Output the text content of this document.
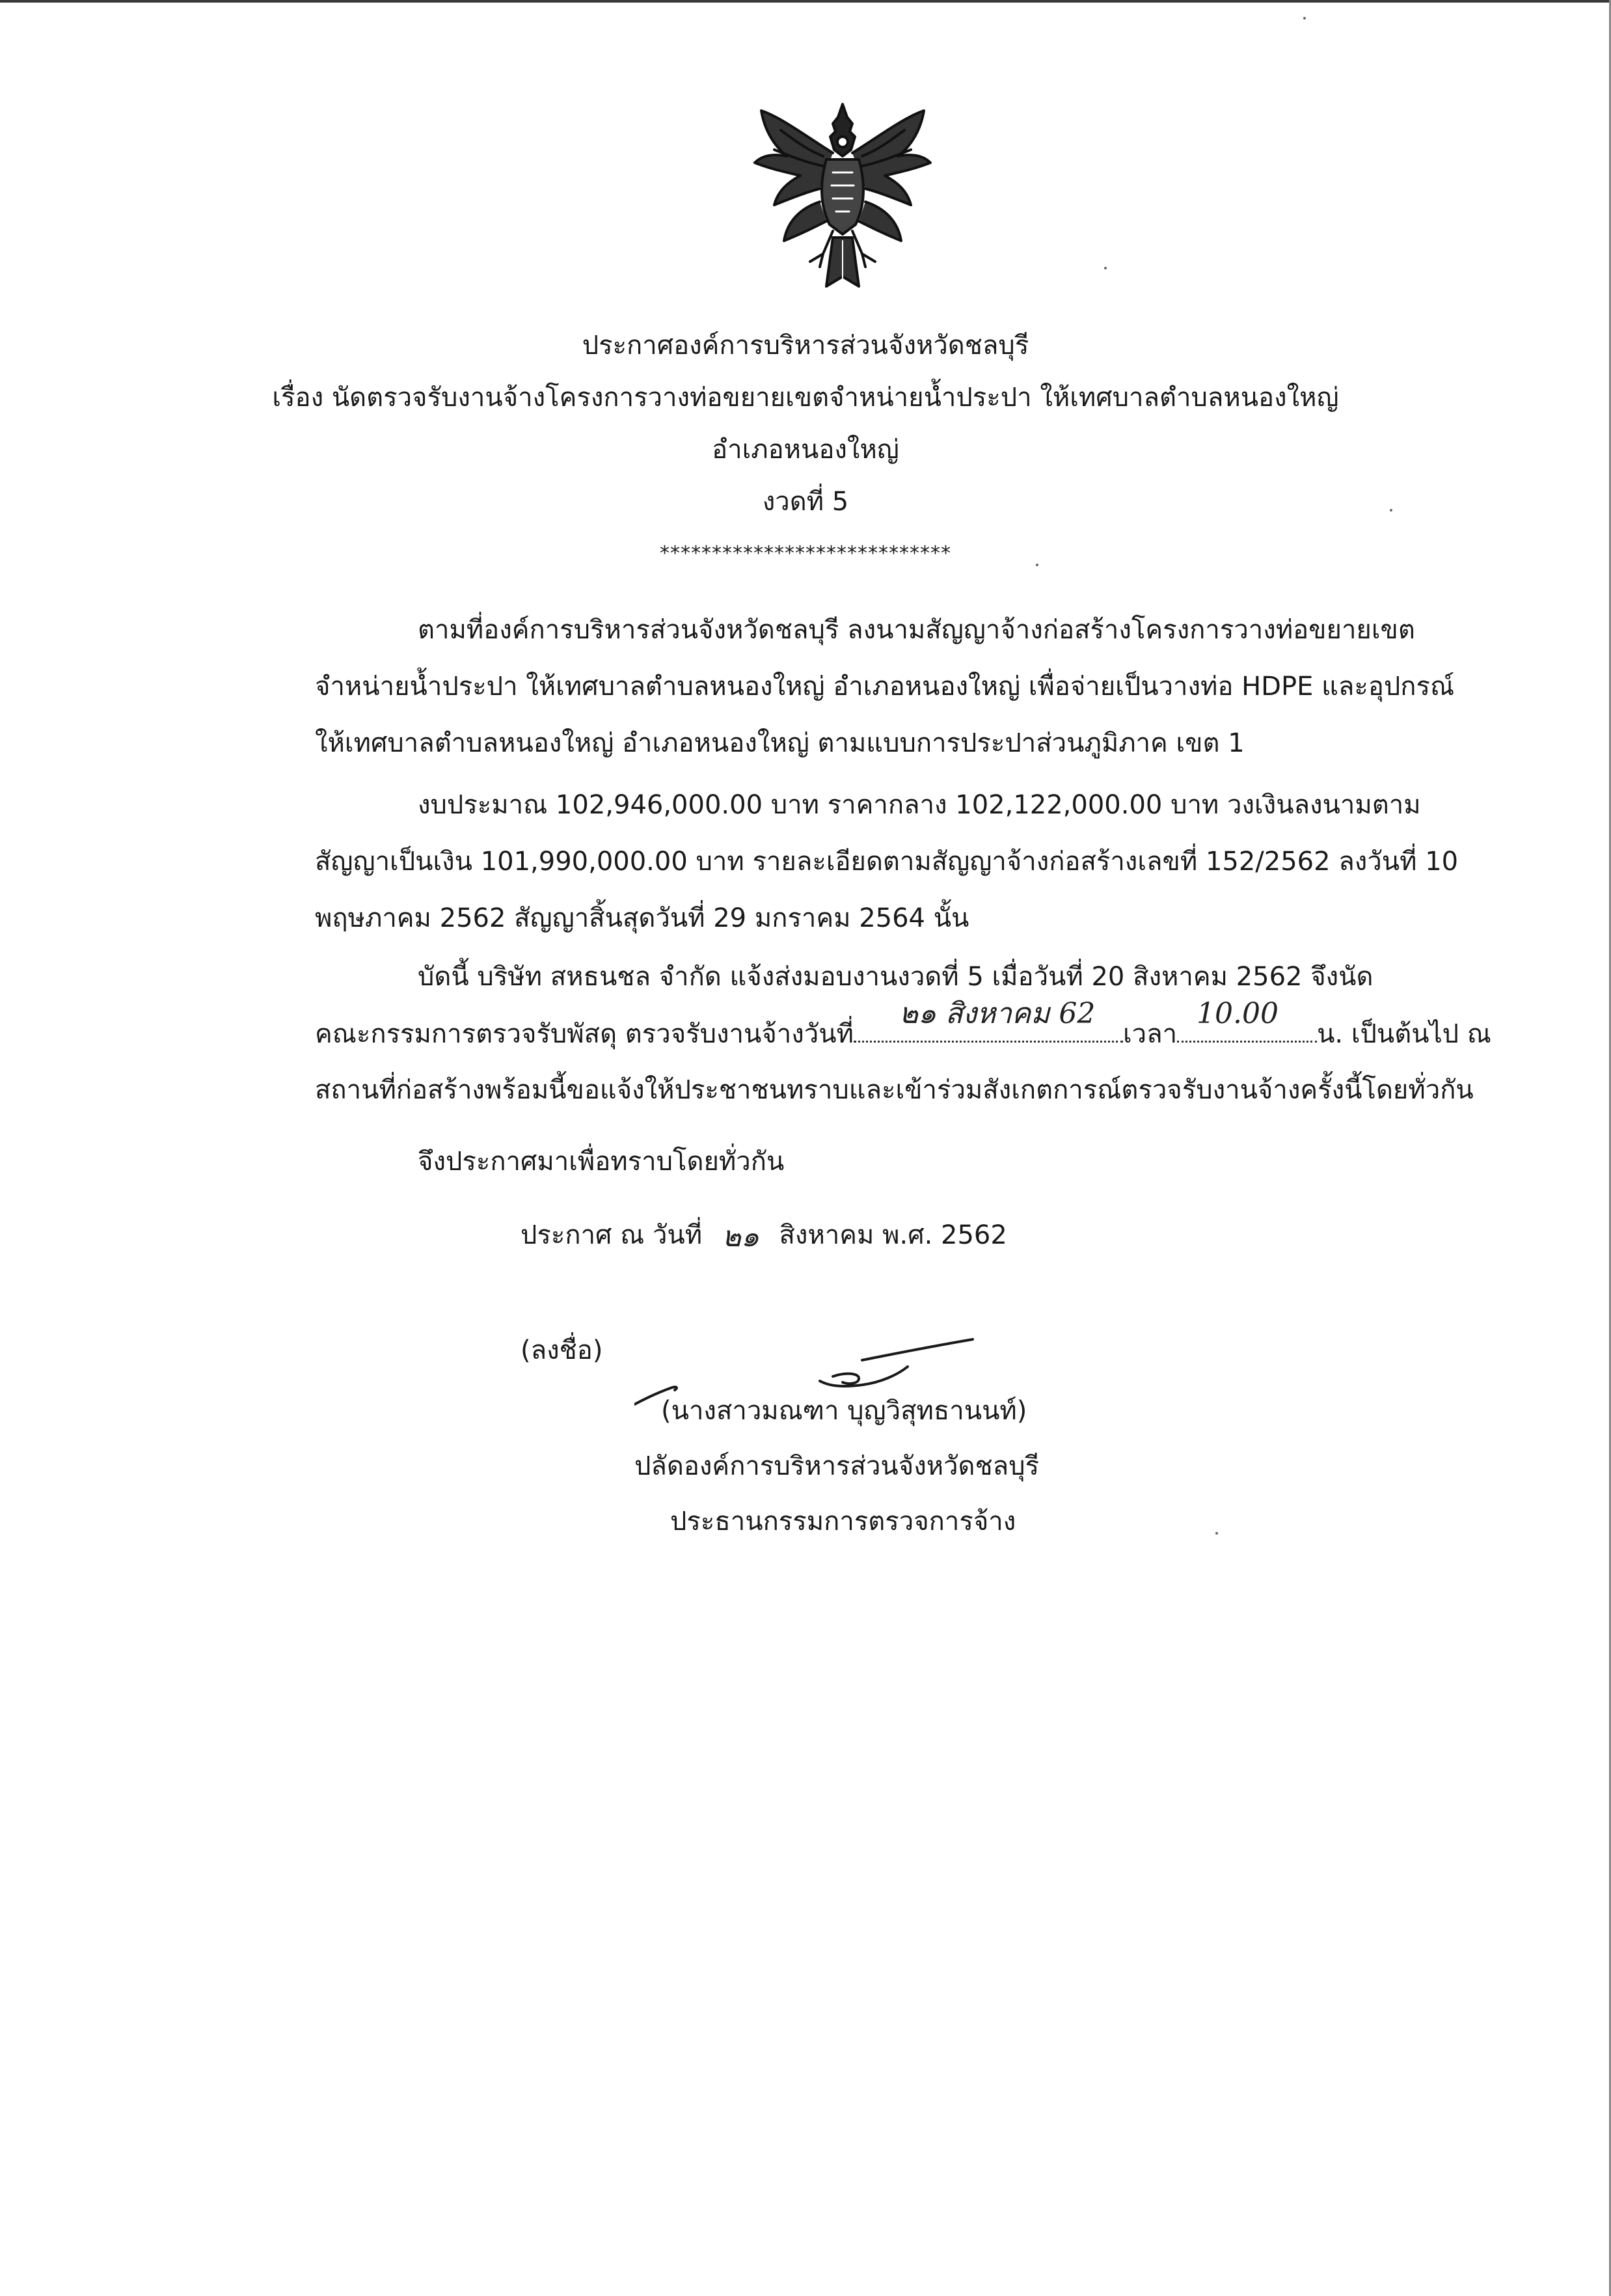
ประกาศองค์การบริหารส่วนจังหวัดชลบุรี
เรื่อง นัดตรวจรับงานจ้างโครงการวางท่อขยายเขตจำหน่ายน้ำประปา ให้เทศบาลตำบลหนองใหญ่
อำเภอหนองใหญ่
งวดที่ 5
****************************
ตามที่องค์การบริหารส่วนจังหวัดชลบุรี ลงนามสัญญาจ้างก่อสร้างโครงการวางท่อขยายเขต
จำหน่ายน้ำประปา ให้เทศบาลตำบลหนองใหญ่ อำเภอหนองใหญ่ เพื่อจ่ายเป็นวางท่อ HDPE และอุปกรณ์
ให้เทศบาลตำบลหนองใหญ่ อำเภอหนองใหญ่ ตามแบบการประปาส่วนภูมิภาค เขต 1
งบประมาณ 102,946,000.00 บาท ราคากลาง 102,122,000.00 บาท วงเงินลงนามตาม
สัญญาเป็นเงิน 101,990,000.00 บาท รายละเอียดตามสัญญาจ้างก่อสร้างเลขที่ 152/2562 ลงวันที่ 10
พฤษภาคม 2562 สัญญาสิ้นสุดวันที่ 29 มกราคม 2564 นั้น
บัดนี้ บริษัท สหธนชล จำกัด แจ้งส่งมอบงานงวดที่ 5 เมื่อวันที่ 20 สิงหาคม 2562 จึงนัด
คณะกรรมการตรวจรับพัสดุ ตรวจรับงานจ้างวันที่
๒๑ สิงหาคม 62
เวลา
10.00
น. เป็นต้นไป ณ
สถานที่ก่อสร้างพร้อมนี้ขอแจ้งให้ประชาชนทราบและเข้าร่วมสังเกตการณ์ตรวจรับงานจ้างครั้งนี้โดยทั่วกัน
จึงประกาศมาเพื่อทราบโดยทั่วกัน
ประกาศ ณ วันที่ ๒๑ สิงหาคม พ.ศ. 2562
(ลงชื่อ)
(นางสาวมณฑา บุญวิสุทธานนท์)
ปลัดองค์การบริหารส่วนจังหวัดชลบุรี
ประธานกรรมการตรวจการจ้าง
